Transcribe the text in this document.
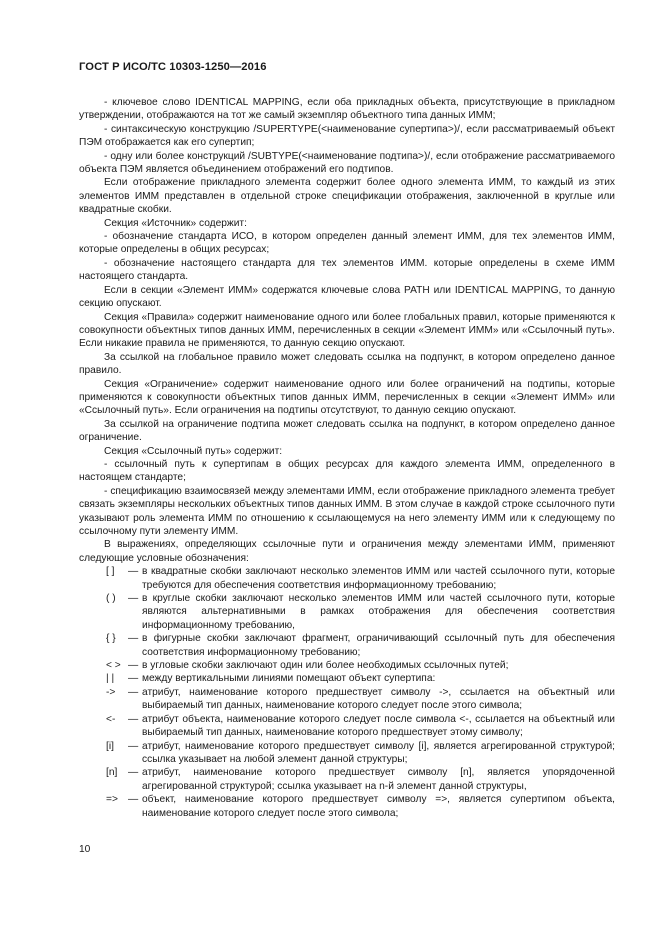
ГОСТ Р ИСО/ТС 10303-1250—2016

- ключевое слово IDENTICAL MAPPING, если оба прикладных объекта, присутствующие в прикладном утверждении, отображаются на тот же самый экземпляр объектного типа данных ИММ;

- синтаксическую конструкцию /SUPERTYPE(<наименование супертипа>)/, если рассматриваемый объект ПЭМ отображается как его супертип;

- одну или более конструкций /SUBTYPE(<наименование подтипа>)/, если отображение рассматриваемого объекта ПЭМ является объединением отображений его подтипов.

Если отображение прикладного элемента содержит более одного элемента ИММ, то каждый из этих элементов ИММ представлен в отдельной строке спецификации отображения, заключенной в круглые или квадратные скобки.

Секция «Источник» содержит:

- обозначение стандарта ИСО, в котором определен данный элемент ИММ, для тех элементов ИММ, которые определены в общих ресурсах;

- обозначение настоящего стандарта для тех элементов ИММ. которые определены в схеме ИММ настоящего стандарта.

Если в секции «Элемент ИММ» содержатся ключевые слова PATH или IDENTICAL MAPPING, то данную секцию опускают.

Секция «Правила» содержит наименование одного или более глобальных правил, которые применяются к совокупности объектных типов данных ИММ, перечисленных в секции «Элемент ИММ» или «Ссылочный путь». Если никакие правила не применяются, то данную секцию опускают.

За ссылкой на глобальное правило может следовать ссылка на подпункт, в котором определено данное правило.

Секция «Ограничение» содержит наименование одного или более ограничений на подтипы, которые применяются к совокупности объектных типов данных ИММ, перечисленных в секции «Элемент ИММ» или «Ссылочный путь». Если ограничения на подтипы отсутствуют, то данную секцию опускают.

За ссылкой на ограничение подтипа может следовать ссылка на подпункт, в котором определено данное ограничение.

Секция «Ссылочный путь» содержит:

- ссылочный путь к супертипам в общих ресурсах для каждого элемента ИММ, определенного в настоящем стандарте;

- спецификацию взаимосвязей между элементами ИММ, если отображение прикладного элемента требует связать экземпляры нескольких объектных типов данных ИММ. В этом случае в каждой строке ссылочного пути указывают роль элемента ИММ по отношению к ссылающемуся на него элементу ИММ или к следующему по ссылочному пути элементу ИММ.

В выражениях, определяющих ссылочные пути и ограничения между элементами ИММ, применяют следующие условные обозначения:

[ ]	— в квадратные скобки заключают несколько элементов ИММ или частей ссылочного пути, которые требуются для обеспечения соответствия информационному требованию;
( )	— в круглые скобки заключают несколько элементов ИММ или частей ссылочного пути, которые являются альтернативными в рамках отображения для обеспечения соответствия информационному требованию,
{ }	— в фигурные скобки заключают фрагмент, ограничивающий ссылочный путь для обеспечения соответствия информационному требованию;
< > — в угловые скобки заключают один или более необходимых ссылочных путей;
| |	— между вертикальными линиями помещают объект супертипа:
->	— атрибут, наименование которого предшествует символу ->, ссылается на объектный или выбираемый тип данных, наименование которого следует после этого символа;
<-	— атрибут объекта, наименование которого следует после символа <-, ссылается на объектный или выбираемый тип данных, наименование которого предшествует этому символу;
[i]	— атрибут, наименование которого предшествует символу [i], является агрегированной структурой; ссылка указывает на любой элемент данной структуры;
[n]	— атрибут, наименование которого предшествует символу [n], является упорядоченной агрегированной структурой; ссылка указывает на n-й элемент данной структуры,
=> — объект, наименование которого предшествует символу =>, является супертипом объекта, наименование которого следует после этого символа;
10
